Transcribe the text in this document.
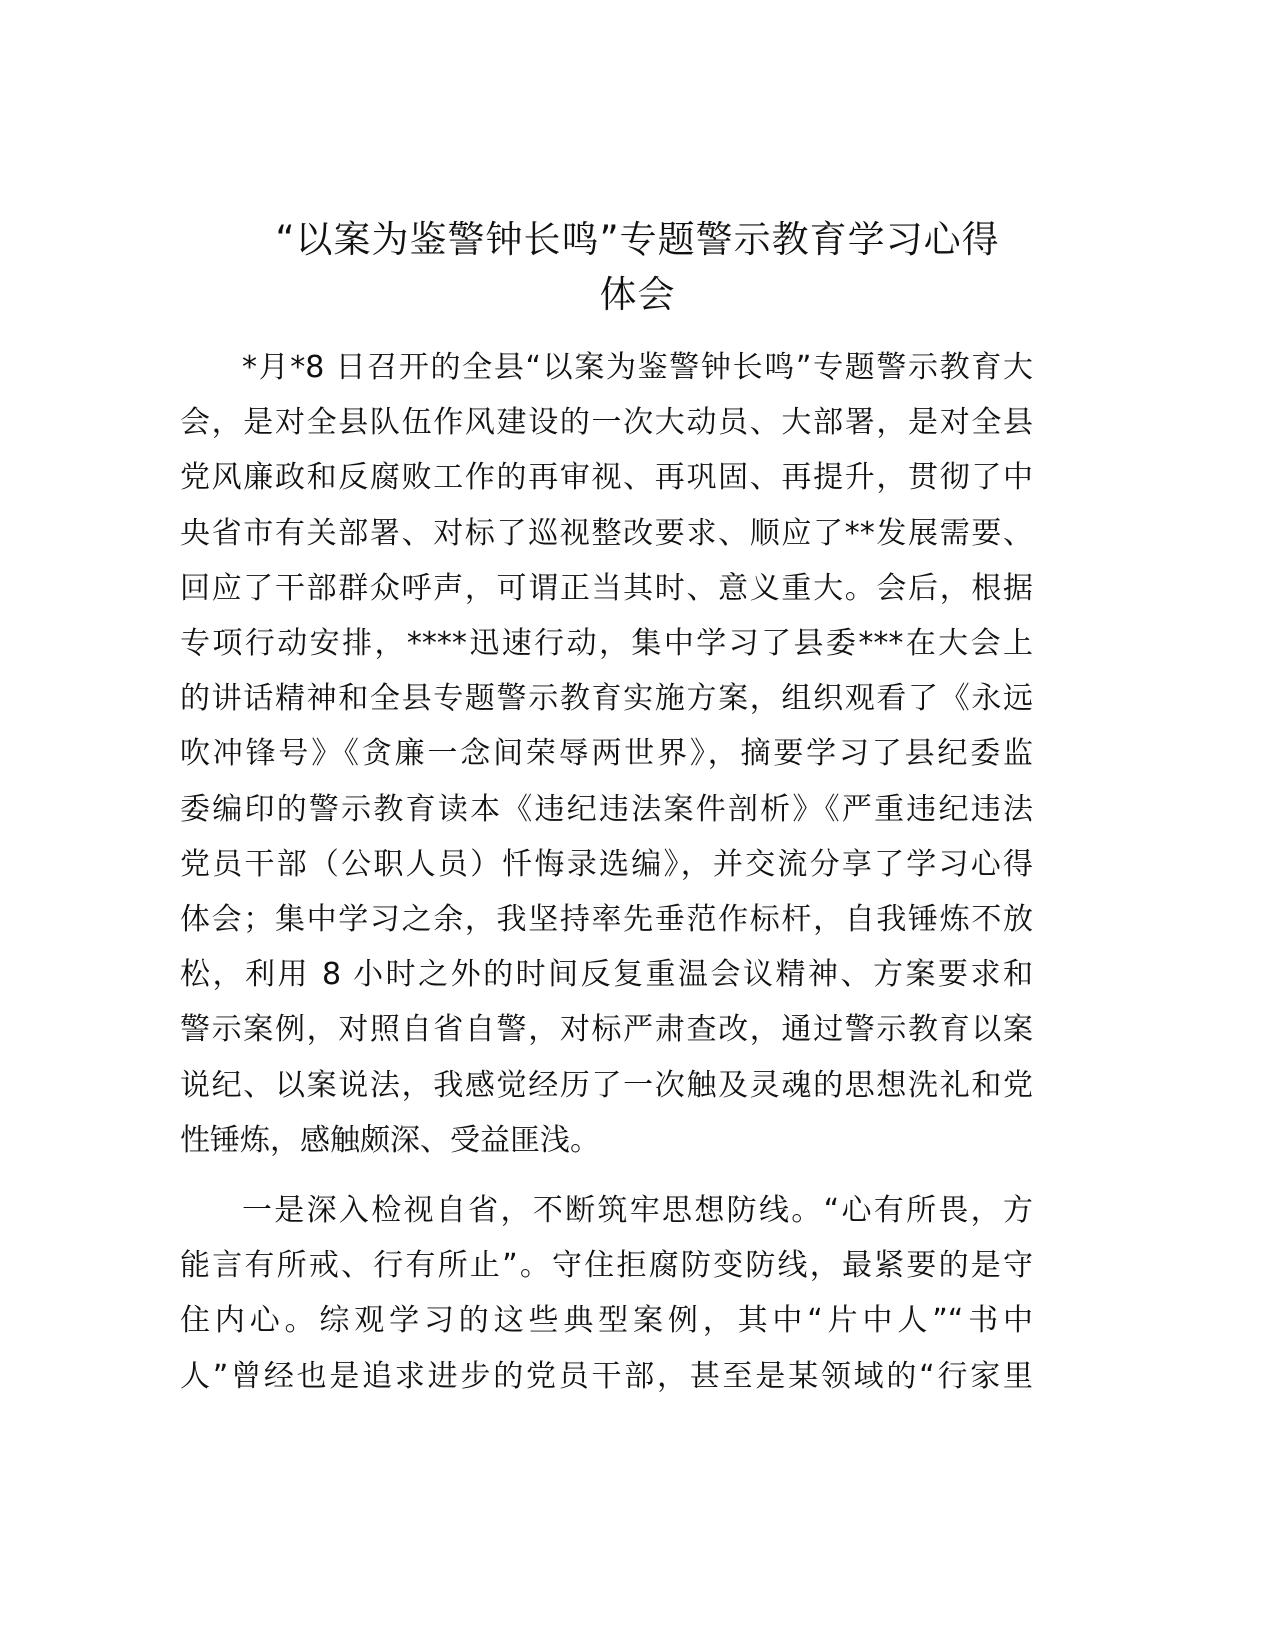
“以案为鉴警钟长鸣”专题警示教育学习心得
体会
*月*8 日召开的全县“以案为鉴警钟长鸣”专题警示教育大
会，是对全县队伍作风建设的一次大动员、大部署，是对全县
党风廉政和反腐败工作的再审视、再巩固、再提升，贯彻了中
央省市有关部署、对标了巡视整改要求、顺应了**发展需要、
回应了干部群众呼声，可谓正当其时、意义重大。会后，根据
专项行动安排，****迅速行动，集中学习了县委***在大会上
的讲话精神和全县专题警示教育实施方案，组织观看了《永远
吹冲锋号》《贪廉一念间荣辱两世界》，摘要学习了县纪委监
委编印的警示教育读本《违纪违法案件剖析》《严重违纪违法
党员干部（公职人员）忏悔录选编》，并交流分享了学习心得
体会；集中学习之余，我坚持率先垂范作标杆，自我锤炼不放
松，利用 8 小时之外的时间反复重温会议精神、方案要求和
警示案例，对照自省自警，对标严肃查改，通过警示教育以案
说纪、以案说法，我感觉经历了一次触及灵魂的思想洗礼和党
性锤炼，感触颇深、受益匪浅。
一是深入检视自省，不断筑牢思想防线。“心有所畏，方
能言有所戒、行有所止”。守住拒腐防变防线，最紧要的是守
住内心。综观学习的这些典型案例，其中“片中人”“书中
人”曾经也是追求进步的党员干部，甚至是某领域的“行家里
